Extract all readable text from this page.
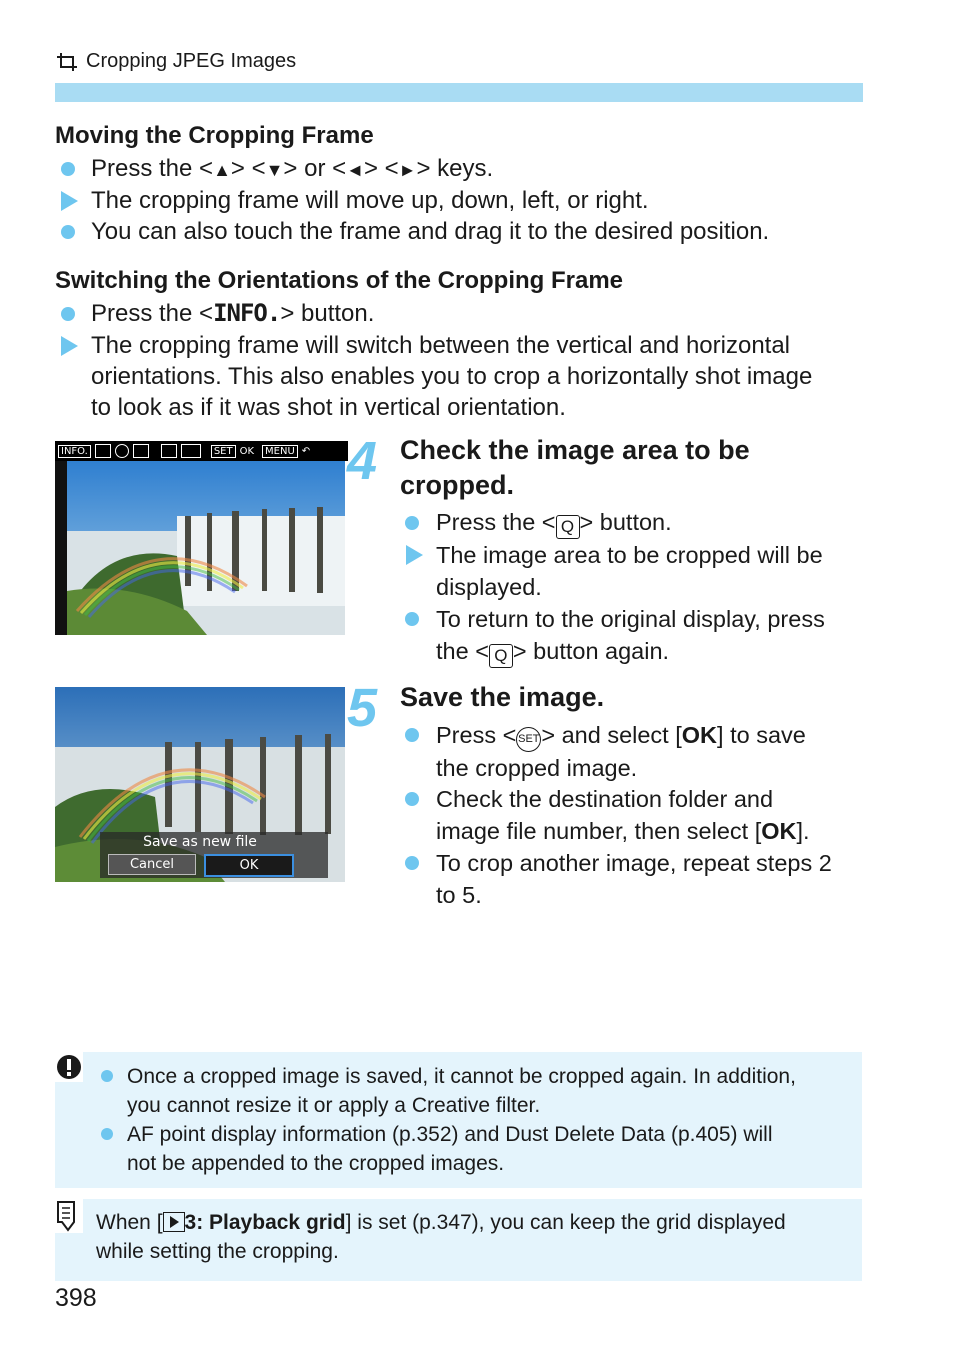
Cropping JPEG Images
Moving the Cropping Frame
Press the <▲> <▼> or <◄> <►> keys.
The cropping frame will move up, down, left, or right.
You can also touch the frame and drag it to the desired position.
Switching the Orientations of the Cropping Frame
Press the <INFO.> button.
The cropping frame will switch between the vertical and horizontal
orientations. This also enables you to crop a horizontally shot image
to look as if it was shot in vertical orientation.
INFO.	SET OK	MENU ↶ 4 Check the image area to be
cropped.
Press the < Q > button.
The image area to be cropped will be
displayed.
To return to the original display, press
the < Q > button again.
Save as new file
Cancel	OK
5 Save the image.
Press < SET> and select [OK] to save
the cropped image.
Check the destination folder and
image file number, then select [OK].
To crop another image, repeat steps 2
to 5.
Once a cropped image is saved, it cannot be cropped again. In addition,
you cannot resize it or apply a Creative filter.
AF point display information (p.352) and Dust Delete Data (p.405) will
not be appended to the cropped images.
When [ 3: Playback grid] is set (p.347), you can keep the grid displayed
while setting the cropping.
398
